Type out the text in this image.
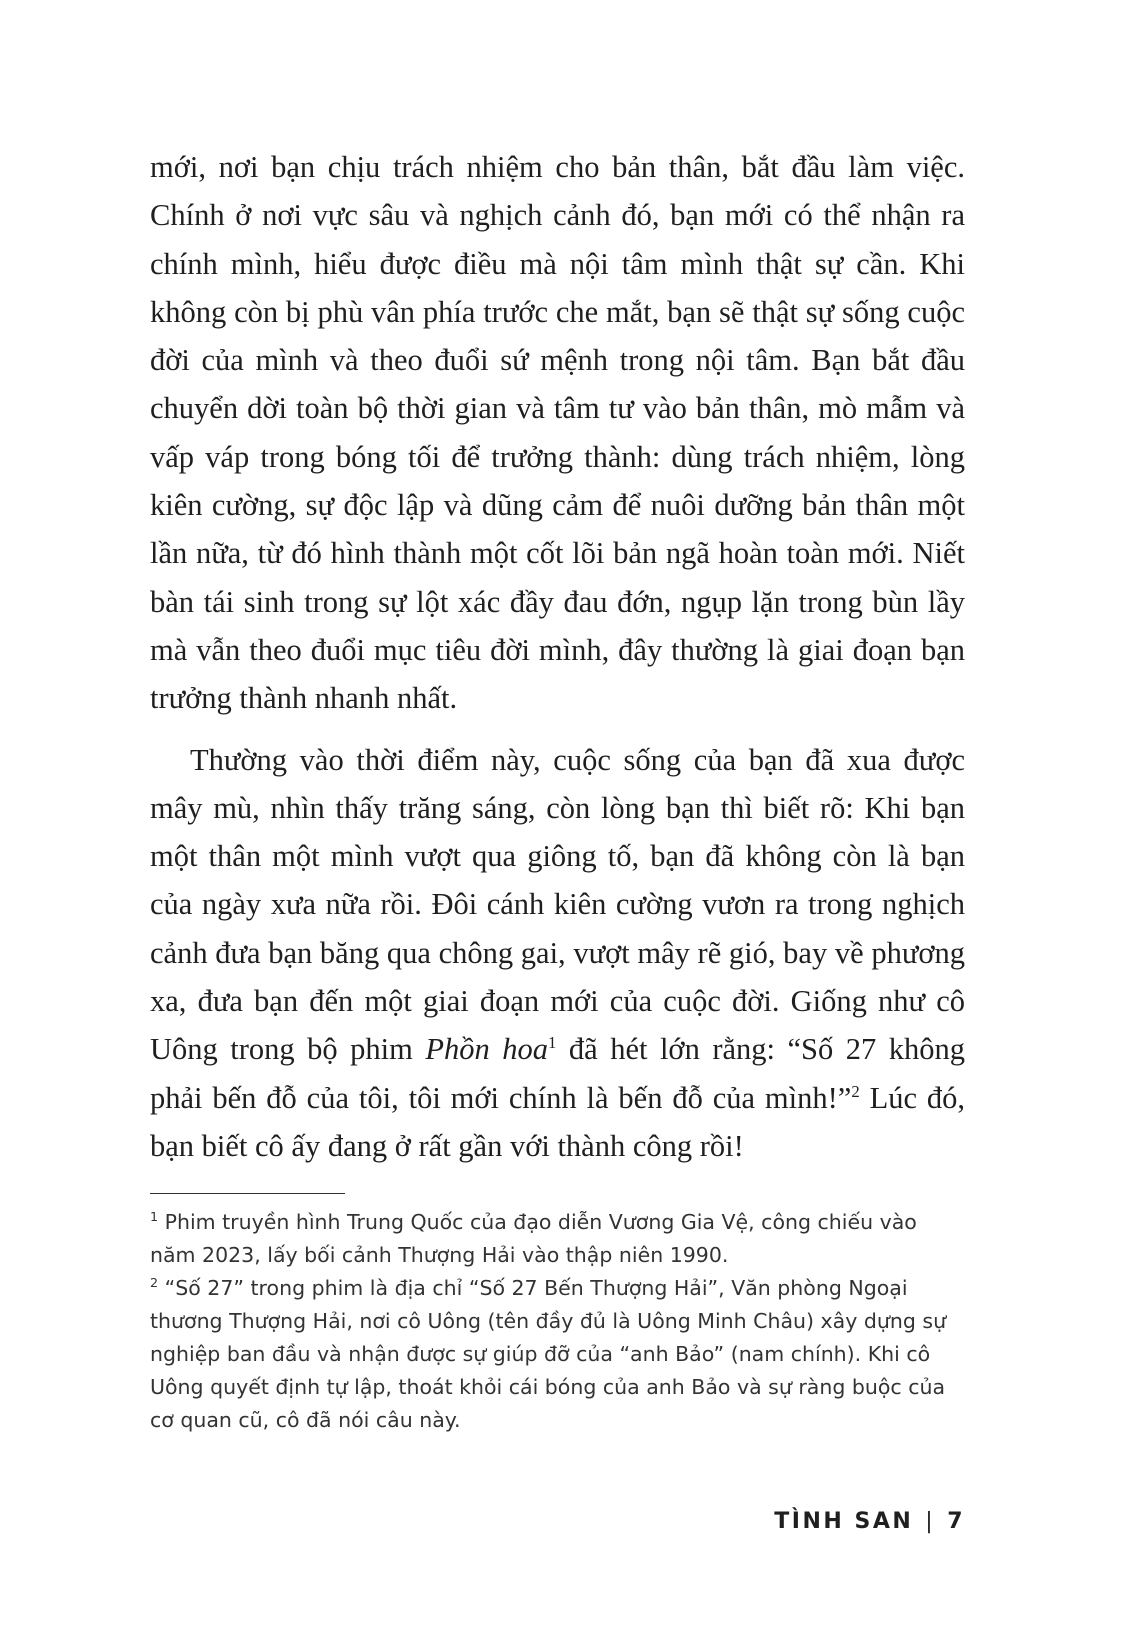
mới, nơi bạn chịu trách nhiệm cho bản thân, bắt đầu làm việc. Chính ở nơi vực sâu và nghịch cảnh đó, bạn mới có thể nhận ra chính mình, hiểu được điều mà nội tâm mình thật sự cần. Khi không còn bị phù vân phía trước che mắt, bạn sẽ thật sự sống cuộc đời của mình và theo đuổi sứ mệnh trong nội tâm. Bạn bắt đầu chuyển dời toàn bộ thời gian và tâm tư vào bản thân, mò mẫm và vấp váp trong bóng tối để trưởng thành: dùng trách nhiệm, lòng kiên cường, sự độc lập và dũng cảm để nuôi dưỡng bản thân một lần nữa, từ đó hình thành một cốt lõi bản ngã hoàn toàn mới. Niết bàn tái sinh trong sự lột xác đầy đau đớn, ngụp lặn trong bùn lầy mà vẫn theo đuổi mục tiêu đời mình, đây thường là giai đoạn bạn trưởng thành nhanh nhất.

Thường vào thời điểm này, cuộc sống của bạn đã xua được mây mù, nhìn thấy trăng sáng, còn lòng bạn thì biết rõ: Khi bạn một thân một mình vượt qua giông tố, bạn đã không còn là bạn của ngày xưa nữa rồi. Đôi cánh kiên cường vươn ra trong nghịch cảnh đưa bạn băng qua chông gai, vượt mây rẽ gió, bay về phương xa, đưa bạn đến một giai đoạn mới của cuộc đời. Giống như cô Uông trong bộ phim Phồn hoa$^1$ đã hét lớn rằng: “Số 27 không phải bến đỗ của tôi, tôi mới chính là bến đỗ của mình!”$^2$ Lúc đó, bạn biết cô ấy đang ở rất gần với thành công rồi!

$^1$ Phim truyền hình Trung Quốc của đạo diễn Vương Gia Vệ, công chiếu vào năm 2023, lấy bối cảnh Thượng Hải vào thập niên 1990.

$^2$ “Số 27” trong phim là địa chỉ “Số 27 Bến Thượng Hải”, Văn phòng Ngoại thương Thượng Hải, nơi cô Uông (tên đầy đủ là Uông Minh Châu) xây dựng sự nghiệp ban đầu và nhận được sự giúp đỡ của “anh Bảo” (nam chính). Khi cô Uông quyết định tự lập, thoát khỏi cái bóng của anh Bảo và sự ràng buộc của cơ quan cũ, cô đã nói câu này.

TÌNH SAN | 7
